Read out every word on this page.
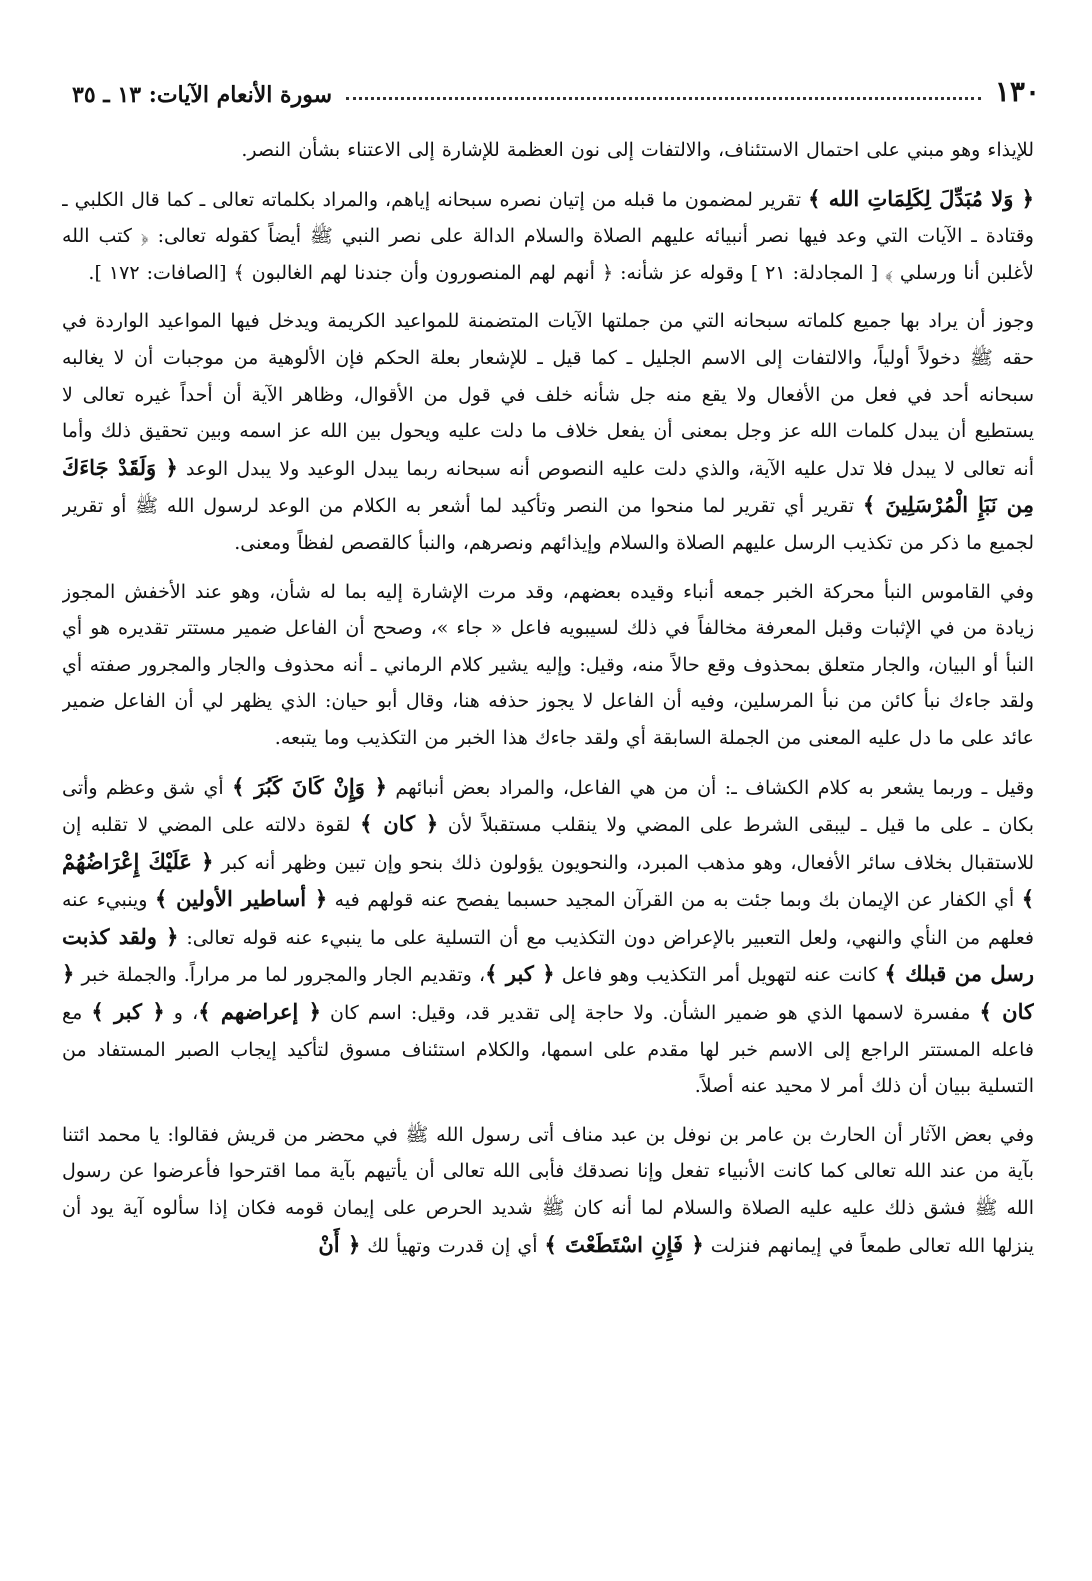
١٣٠
سورة الأنعام الآيات: ١٣ ـ ٣٥

للإيذاء وهو مبني على احتمال الاستئناف، والالتفات إلى نون العظمة للإشارة إلى الاعتناء بشأن النصر.

﴿ وَلا مُبَدِّلَ لِكَلِمَاتِ الله ﴾ تقرير لمضمون ما قبله من إتيان نصره سبحانه إياهم، والمراد بكلماته تعالى ـ كما قال الكلبي ـ وقتادة ـ الآيات التي وعد فيها نصر أنبيائه عليهم الصلاة والسلام الدالة على نصر النبي ﷺ أيضاً كقوله تعالى: ﴿ كتب الله لأغلبن أنا ورسلي ﴾ [ المجادلة: ٢١ ] وقوله عز شأنه: ﴿ أنهم لهم المنصورون وأن جندنا لهم الغالبون ﴾ [الصافات: ١٧٢ ].

وجوز أن يراد بها جميع كلماته سبحانه التي من جملتها الآيات المتضمنة للمواعيد الكريمة ويدخل فيها المواعيد الواردة في حقه ﷺ دخولاً أولياً، والالتفات إلى الاسم الجليل ـ كما قيل ـ للإشعار بعلة الحكم فإن الألوهية من موجبات أن لا يغالبه سبحانه أحد في فعل من الأفعال ولا يقع منه جل شأنه خلف في قول من الأقوال، وظاهر الآية أن أحداً غيره تعالى لا يستطيع أن يبدل كلمات الله عز وجل بمعنى أن يفعل خلاف ما دلت عليه ويحول بين الله عز اسمه وبين تحقيق ذلك وأما أنه تعالى لا يبدل فلا تدل عليه الآية، والذي دلت عليه النصوص أنه سبحانه ربما يبدل الوعيد ولا يبدل الوعد ﴿ وَلَقَدْ جَاءَكَ مِن نَبَإِ الْمُرْسَلِينَ ﴾ تقرير أي تقرير لما منحوا من النصر وتأكيد لما أشعر به الكلام من الوعد لرسول الله ﷺ أو تقرير لجميع ما ذكر من تكذيب الرسل عليهم الصلاة والسلام وإيذائهم ونصرهم، والنبأ كالقصص لفظاً ومعنى.

وفي القاموس النبأ محركة الخبر جمعه أنباء وقيده بعضهم، وقد مرت الإشارة إليه بما له شأن، وهو عند الأخفش المجوز زيادة من في الإثبات وقبل المعرفة مخالفاً في ذلك لسيبويه فاعل « جاء »، وصحح أن الفاعل ضمير مستتر تقديره هو أي النبأ أو البيان، والجار متعلق بمحذوف وقع حالاً منه، وقيل: وإليه يشير كلام الرماني ـ أنه محذوف والجار والمجرور صفته أي ولقد جاءك نبأ كائن من نبأ المرسلين، وفيه أن الفاعل لا يجوز حذفه هنا، وقال أبو حيان: الذي يظهر لي أن الفاعل ضمير عائد على ما دل عليه المعنى من الجملة السابقة أي ولقد جاءك هذا الخبر من التكذيب وما يتبعه.

وقيل ـ وربما يشعر به كلام الكشاف ـ: أن من هي الفاعل، والمراد بعض أنبائهم ﴿ وَإِنْ كَانَ كَبُرَ ﴾ أي شق وعظم وأتى بكان ـ على ما قيل ـ ليبقى الشرط على المضي ولا ينقلب مستقبلاً لأن ﴿ كان ﴾ لقوة دلالته على المضي لا تقلبه إن للاستقبال بخلاف سائر الأفعال، وهو مذهب المبرد، والنحويون يؤولون ذلك بنحو وإن تبين وظهر أنه كبر ﴿ عَلَيْكَ إِعْرَاضُهُمْ ﴾ أي الكفار عن الإيمان بك وبما جئت به من القرآن المجيد حسبما يفصح عنه قولهم فيه ﴿ أساطير الأولين ﴾ وينبيء عنه فعلهم من النأي والنهي، ولعل التعبير بالإعراض دون التكذيب مع أن التسلية على ما ينبيء عنه قوله تعالى: ﴿ ولقد كذبت رسل من قبلك ﴾ كانت عنه لتهويل أمر التكذيب وهو فاعل ﴿ كبر ﴾، وتقديم الجار والمجرور لما مر مراراً. والجملة خبر ﴿ كان ﴾ مفسرة لاسمها الذي هو ضمير الشأن. ولا حاجة إلى تقدير قد، وقيل: اسم كان ﴿ إعراضهم ﴾، و ﴿ كبر ﴾ مع فاعله المستتر الراجع إلى الاسم خبر لها مقدم على اسمها، والكلام استئناف مسوق لتأكيد إيجاب الصبر المستفاد من التسلية ببيان أن ذلك أمر لا محيد عنه أصلاً.

وفي بعض الآثار أن الحارث بن عامر بن نوفل بن عبد مناف أتى رسول الله ﷺ في محضر من قريش فقالوا: يا محمد ائتنا بآية من عند الله تعالى كما كانت الأنبياء تفعل وإنا نصدقك فأبى الله تعالى أن يأتيهم بآية مما اقترحوا فأعرضوا عن رسول الله ﷺ فشق ذلك عليه عليه الصلاة والسلام لما أنه كان ﷺ شديد الحرص على إيمان قومه فكان إذا سألوه آية يود أن ينزلها الله تعالى طمعاً في إيمانهم فنزلت ﴿ فَإِنِ اسْتَطَعْتَ ﴾ أي إن قدرت وتهيأ لك ﴿ أَنْ
